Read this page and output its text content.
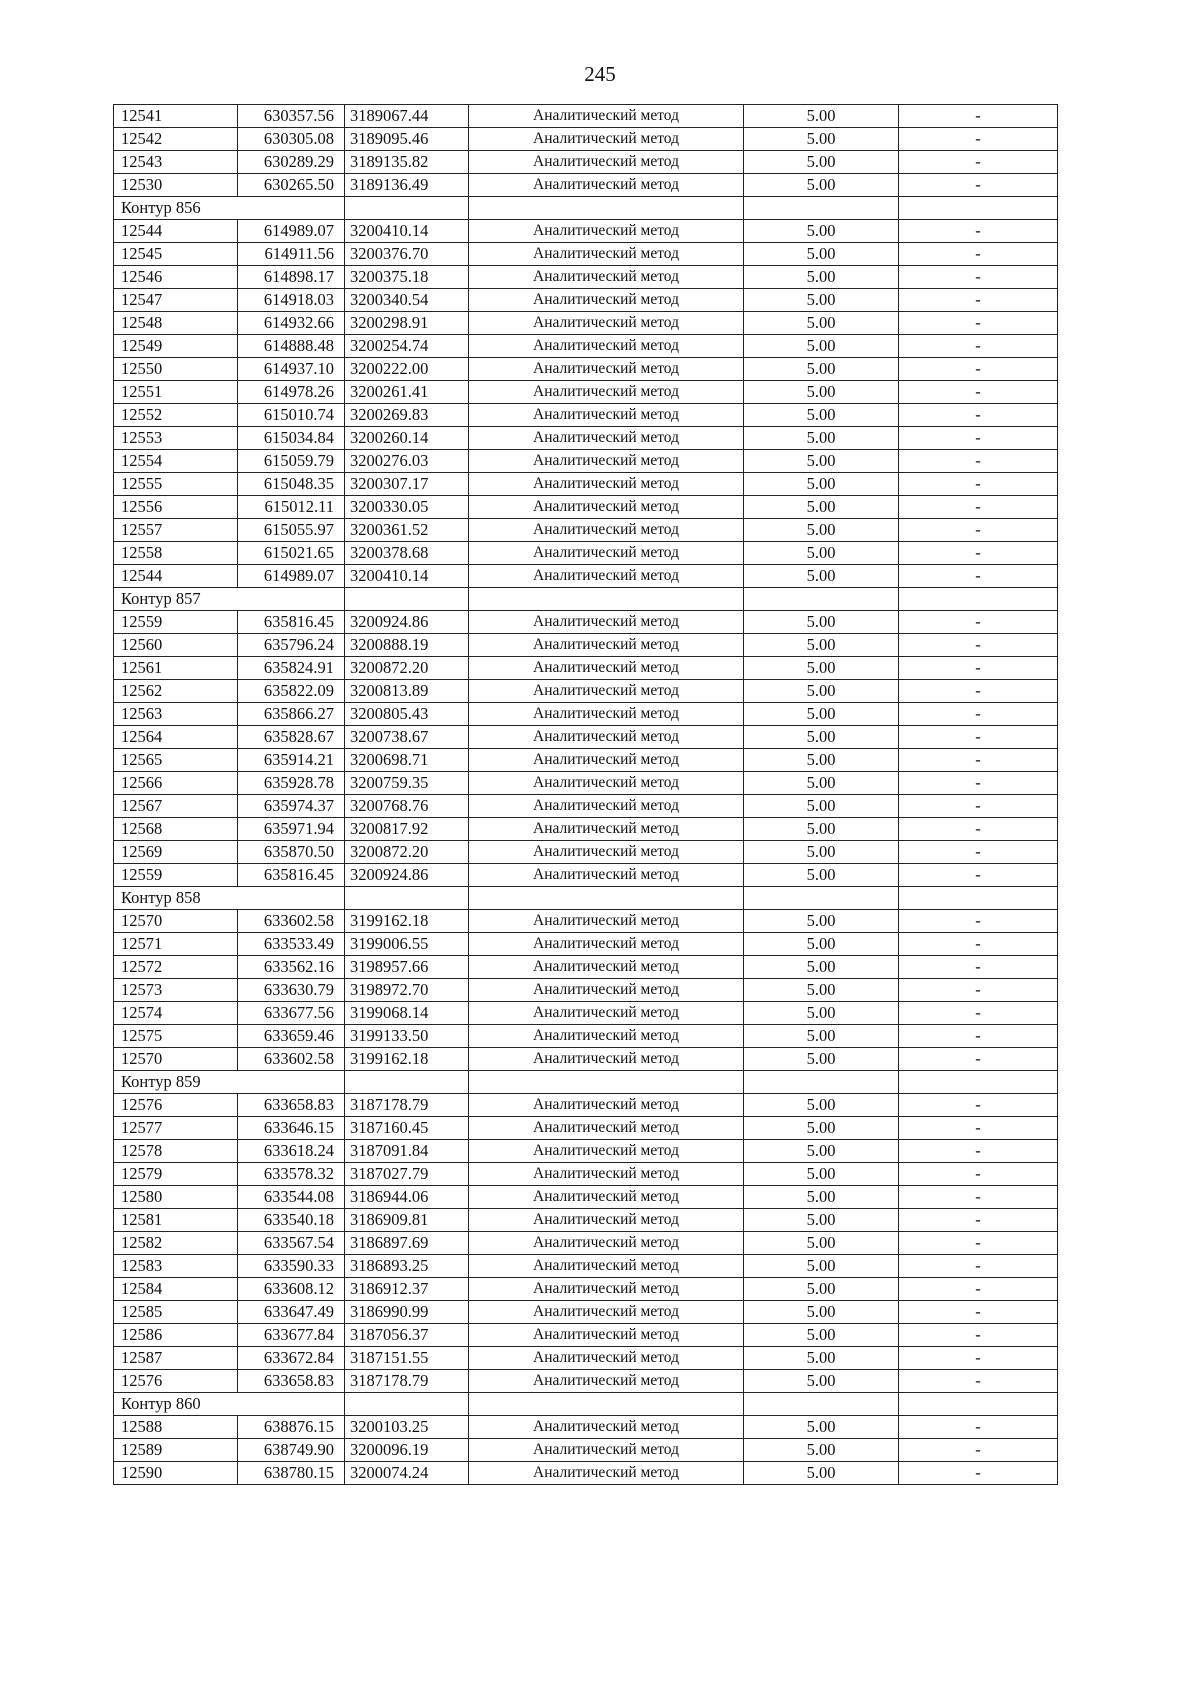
245
12541	630357.56	3189067.44	Аналитический метод	5.00	-
12542	630305.08	3189095.46	Аналитический метод	5.00	-
12543	630289.29	3189135.82	Аналитический метод	5.00	-
12530	630265.50	3189136.49	Аналитический метод	5.00	-
Контур 856					
12544	614989.07	3200410.14	Аналитический метод	5.00	-
12545	614911.56	3200376.70	Аналитический метод	5.00	-
12546	614898.17	3200375.18	Аналитический метод	5.00	-
12547	614918.03	3200340.54	Аналитический метод	5.00	-
12548	614932.66	3200298.91	Аналитический метод	5.00	-
12549	614888.48	3200254.74	Аналитический метод	5.00	-
12550	614937.10	3200222.00	Аналитический метод	5.00	-
12551	614978.26	3200261.41	Аналитический метод	5.00	-
12552	615010.74	3200269.83	Аналитический метод	5.00	-
12553	615034.84	3200260.14	Аналитический метод	5.00	-
12554	615059.79	3200276.03	Аналитический метод	5.00	-
12555	615048.35	3200307.17	Аналитический метод	5.00	-
12556	615012.11	3200330.05	Аналитический метод	5.00	-
12557	615055.97	3200361.52	Аналитический метод	5.00	-
12558	615021.65	3200378.68	Аналитический метод	5.00	-
12544	614989.07	3200410.14	Аналитический метод	5.00	-
Контур 857					
12559	635816.45	3200924.86	Аналитический метод	5.00	-
12560	635796.24	3200888.19	Аналитический метод	5.00	-
12561	635824.91	3200872.20	Аналитический метод	5.00	-
12562	635822.09	3200813.89	Аналитический метод	5.00	-
12563	635866.27	3200805.43	Аналитический метод	5.00	-
12564	635828.67	3200738.67	Аналитический метод	5.00	-
12565	635914.21	3200698.71	Аналитический метод	5.00	-
12566	635928.78	3200759.35	Аналитический метод	5.00	-
12567	635974.37	3200768.76	Аналитический метод	5.00	-
12568	635971.94	3200817.92	Аналитический метод	5.00	-
12569	635870.50	3200872.20	Аналитический метод	5.00	-
12559	635816.45	3200924.86	Аналитический метод	5.00	-
Контур 858					
12570	633602.58	3199162.18	Аналитический метод	5.00	-
12571	633533.49	3199006.55	Аналитический метод	5.00	-
12572	633562.16	3198957.66	Аналитический метод	5.00	-
12573	633630.79	3198972.70	Аналитический метод	5.00	-
12574	633677.56	3199068.14	Аналитический метод	5.00	-
12575	633659.46	3199133.50	Аналитический метод	5.00	-
12570	633602.58	3199162.18	Аналитический метод	5.00	-
Контур 859					
12576	633658.83	3187178.79	Аналитический метод	5.00	-
12577	633646.15	3187160.45	Аналитический метод	5.00	-
12578	633618.24	3187091.84	Аналитический метод	5.00	-
12579	633578.32	3187027.79	Аналитический метод	5.00	-
12580	633544.08	3186944.06	Аналитический метод	5.00	-
12581	633540.18	3186909.81	Аналитический метод	5.00	-
12582	633567.54	3186897.69	Аналитический метод	5.00	-
12583	633590.33	3186893.25	Аналитический метод	5.00	-
12584	633608.12	3186912.37	Аналитический метод	5.00	-
12585	633647.49	3186990.99	Аналитический метод	5.00	-
12586	633677.84	3187056.37	Аналитический метод	5.00	-
12587	633672.84	3187151.55	Аналитический метод	5.00	-
12576	633658.83	3187178.79	Аналитический метод	5.00	-
Контур 860					
12588	638876.15	3200103.25	Аналитический метод	5.00	-
12589	638749.90	3200096.19	Аналитический метод	5.00	-
12590	638780.15	3200074.24	Аналитический метод	5.00	-
